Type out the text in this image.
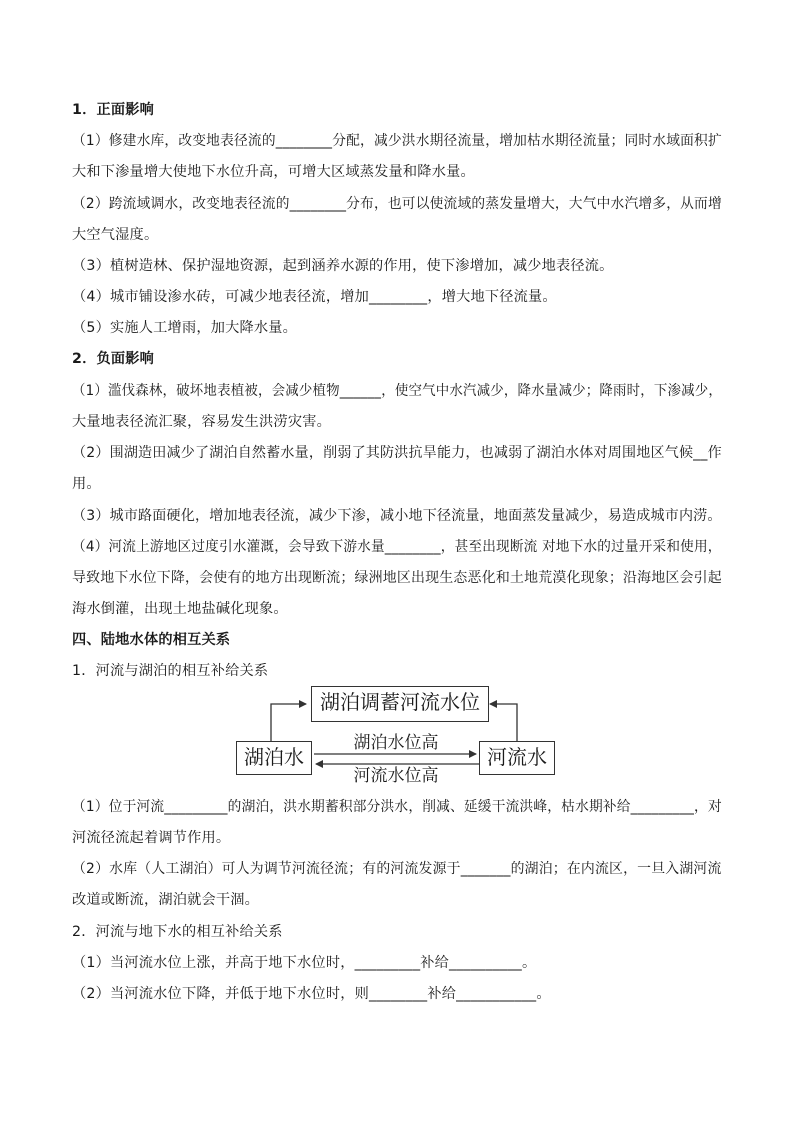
1．正面影响
（1）修建水库，改变地表径流的________分配，减少洪水期径流量，增加枯水期径流量；同时水域面积扩
大和下渗量增大使地下水位升高，可增大区域蒸发量和降水量。
（2）跨流域调水，改变地表径流的________分布，也可以使流域的蒸发量增大，大气中水汽增多，从而增
大空气湿度。
（3）植树造林、保护湿地资源，起到涵养水源的作用，使下渗增加，减少地表径流。
（4）城市铺设渗水砖，可减少地表径流，增加________，增大地下径流量。
（5）实施人工增雨，加大降水量。
2．负面影响
（1）滥伐森林，破坏地表植被，会减少植物______，使空气中水汽减少，降水量减少；降雨时，下渗减少，
大量地表径流汇聚，容易发生洪涝灾害。
（2）围湖造田减少了湖泊自然蓄水量，削弱了其防洪抗旱能力，也减弱了湖泊水体对周围地区气候__作
用。
（3）城市路面硬化，增加地表径流，减少下渗，减小地下径流量，地面蒸发量减少，易造成城市内涝。
（4）河流上游地区过度引水灌溉，会导致下游水量________，甚至出现断流 对地下水的过量开采和使用，
导致地下水位下降，会使有的地方出现断流；绿洲地区出现生态恶化和土地荒漠化现象；沿海地区会引起
海水倒灌，出现土地盐碱化现象。
四、陆地水体的相互关系
1．河流与湖泊的相互补给关系
湖泊调蓄河流水位
湖泊水	河流水
湖泊水位高
河流水位高
（1）位于河流_________的湖泊，洪水期蓄积部分洪水，削减、延缓干流洪峰，枯水期补给_________，对
河流径流起着调节作用。
（2）水库（人工湖泊）可人为调节河流径流；有的河流发源于_______的湖泊；在内流区，一旦入湖河流
改道或断流，湖泊就会干涸。
2．河流与地下水的相互补给关系
（1）当河流水位上涨，并高于地下水位时，_________补给__________。
（2）当河流水位下降，并低于地下水位时，则________补给___________。
